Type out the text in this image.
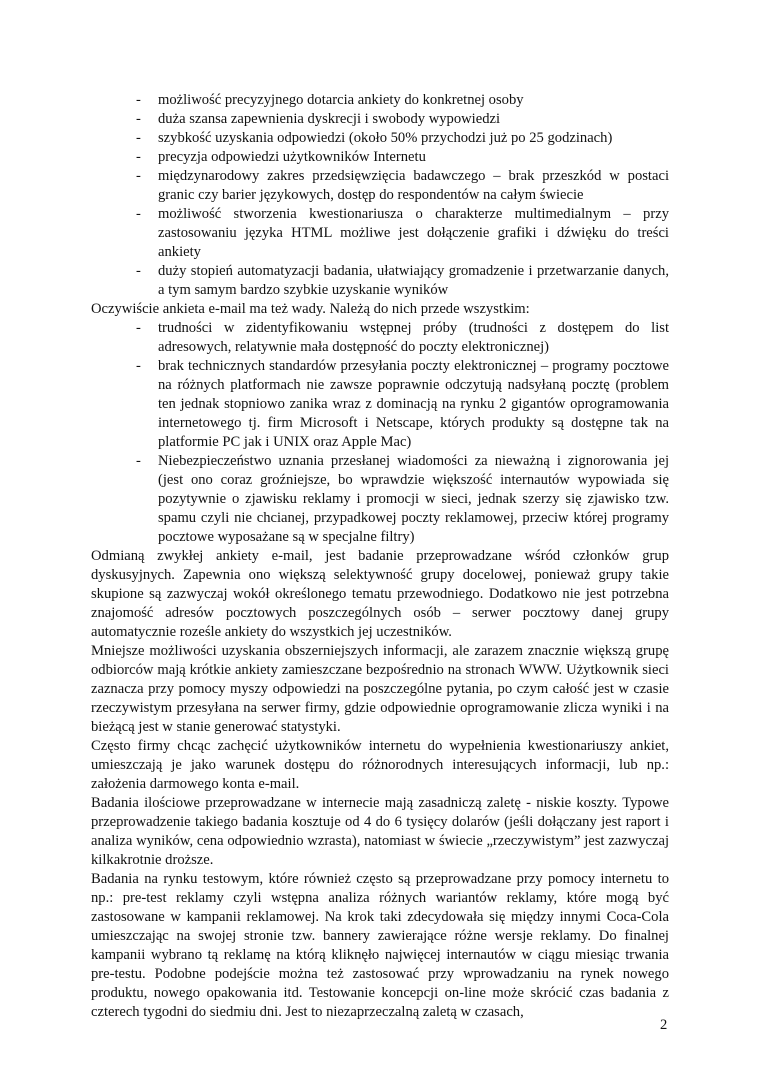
- możliwość precyzyjnego dotarcia ankiety do konkretnej osoby
- duża szansa zapewnienia dyskrecji i swobody wypowiedzi
- szybkość uzyskania odpowiedzi (około 50% przychodzi już po 25 godzinach)
- precyzja odpowiedzi użytkowników Internetu
- międzynarodowy zakres przedsięwzięcia badawczego – brak przeszkód w postaci granic czy barier językowych, dostęp do respondentów na całym świecie
- możliwość stworzenia kwestionariusza o charakterze multimedialnym – przy zastosowaniu języka HTML możliwe jest dołączenie grafiki i dźwięku do treści ankiety
- duży stopień automatyzacji badania, ułatwiający gromadzenie i przetwarzanie danych, a tym samym bardzo szybkie uzyskanie wyników

Oczywiście ankieta e-mail ma też wady. Należą do nich przede wszystkim:

- trudności w zidentyfikowaniu wstępnej próby (trudności z dostępem do list adresowych, relatywnie mała dostępność do poczty elektronicznej)
- brak technicznych standardów przesyłania poczty elektronicznej – programy pocztowe na różnych platformach nie zawsze poprawnie odczytują nadsyłaną pocztę (problem ten jednak stopniowo zanika wraz z dominacją na rynku 2 gigantów oprogramowania internetowego tj. firm Microsoft i Netscape, których produkty są dostępne tak na platformie PC jak i UNIX oraz Apple Mac)
- Niebezpieczeństwo uznania przesłanej wiadomości za nieważną i zignorowania jej (jest ono coraz groźniejsze, bo wprawdzie większość internautów wypowiada się pozytywnie o zjawisku reklamy i promocji w sieci, jednak szerzy się zjawisko tzw. spamu czyli nie chcianej, przypadkowej poczty reklamowej, przeciw której programy pocztowe wyposażane są w specjalne filtry)

Odmianą zwykłej ankiety e-mail, jest badanie przeprowadzane wśród członków grup dyskusyjnych. Zapewnia ono większą selektywność grupy docelowej, ponieważ grupy takie skupione są zazwyczaj wokół określonego tematu przewodniego. Dodatkowo nie jest potrzebna znajomość adresów pocztowych poszczególnych osób – serwer pocztowy danej grupy automatycznie roześle ankiety do wszystkich jej uczestników.

Mniejsze możliwości uzyskania obszerniejszych informacji, ale zarazem znacznie większą grupę odbiorców mają krótkie ankiety zamieszczane bezpośrednio na stronach WWW. Użytkownik sieci zaznacza przy pomocy myszy odpowiedzi na poszczególne pytania, po czym całość jest w czasie rzeczywistym przesyłana na serwer firmy, gdzie odpowiednie oprogramowanie zlicza wyniki i na bieżącą jest w stanie generować statystyki.

Często firmy chcąc zachęcić użytkowników internetu do wypełnienia kwestionariuszy ankiet, umieszczają je jako warunek dostępu do różnorodnych interesujących informacji, lub np.: założenia darmowego konta e-mail.

Badania ilościowe przeprowadzane w internecie mają zasadniczą zaletę - niskie koszty. Typowe przeprowadzenie takiego badania kosztuje od 4 do 6 tysięcy dolarów (jeśli dołączany jest raport i analiza wyników, cena odpowiednio wzrasta), natomiast w świecie „rzeczywistym” jest zazwyczaj kilkakrotnie droższe.

Badania na rynku testowym, które również często są przeprowadzane przy pomocy internetu to np.: pre-test reklamy czyli wstępna analiza różnych wariantów reklamy, które mogą być zastosowane w kampanii reklamowej. Na krok taki zdecydowała się między innymi Coca-Cola umieszczając na swojej stronie tzw. bannery zawierające różne wersje reklamy. Do finalnej kampanii wybrano tą reklamę na którą kliknęło najwięcej internautów w ciągu miesiąc trwania pre-testu. Podobne podejście można też zastosować przy wprowadzaniu na rynek nowego produktu, nowego opakowania itd. Testowanie koncepcji on-line może skrócić czas badania z czterech tygodni do siedmiu dni. Jest to niezaprzeczalną zaletą w czasach,

2
